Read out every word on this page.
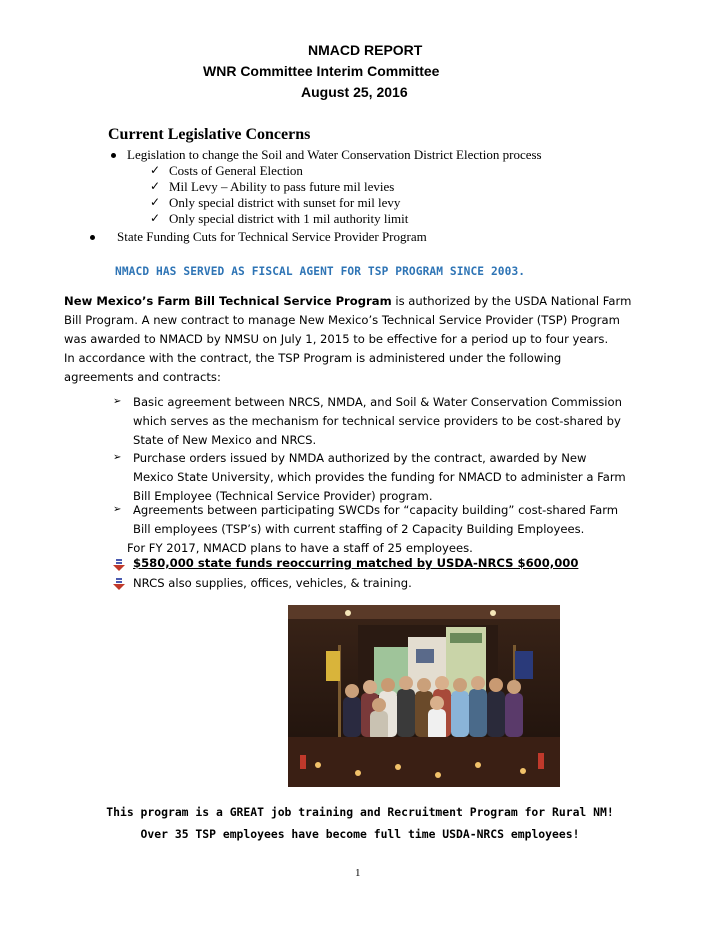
NMACD REPORT
WNR Committee Interim Committee
August 25, 2016
Current Legislative Concerns
Legislation to change the Soil and Water Conservation District Election process
✓ Costs of General Election
✓ Mil Levy – Ability to pass future mil levies
✓ Only special district with sunset for mil levy
✓ Only special district with 1 mil authority limit
State Funding Cuts for Technical Service Provider Program
NMACD HAS SERVED AS FISCAL AGENT FOR TSP PROGRAM SINCE 2003.
New Mexico’s Farm Bill Technical Service Program is authorized by the USDA National Farm
Bill Program. A new contract to manage New Mexico’s Technical Service Provider (TSP) Program
was awarded to NMACD by NMSU on July 1, 2015 to be effective for a period up to four years.
In accordance with the contract, the TSP Program is administered under the following
agreements and contracts:
➢ Basic agreement between NRCS, NMDA, and Soil & Water Conservation Commission
which serves as the mechanism for technical service providers to be cost-shared by
State of New Mexico and NRCS.
➢ Purchase orders issued by NMDA authorized by the contract, awarded by New
Mexico State University, which provides the funding for NMACD to administer a Farm
Bill Employee (Technical Service Provider) program.
➢ Agreements between participating SWCDs for “capacity building” cost-shared Farm
Bill employees (TSP’s) with current staffing of 2 Capacity Building Employees.
For FY 2017, NMACD plans to have a staff of 25 employees.
$580,000 state funds reoccurring matched by USDA-NRCS $600,000
NRCS also supplies, offices, vehicles, & training.
This program is a GREAT job training and Recruitment Program for Rural NM!
Over 35 TSP employees have become full time USDA-NRCS employees!
1
